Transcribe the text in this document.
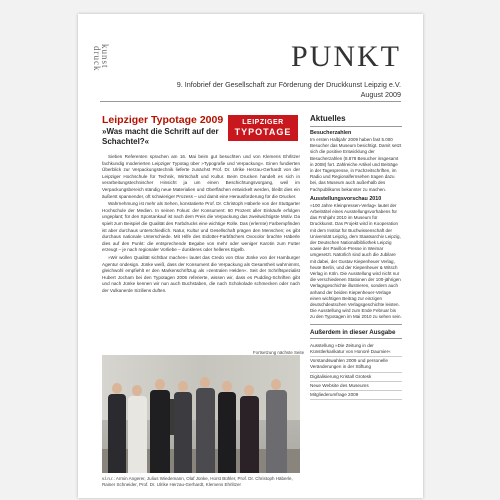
kunst
druck	PUNKT
9. Infobrief der Gesellschaft zur Förderung der Druckkunst Leipzig e.V.
August 2009
Leipziger Typotage 2009
»Was macht die Schrift auf der Schachtel?«
LEIPZIGER
TYPOTAGE

Sieben Referenten sprachen am 16. Mai beim gut besuchten und von Klemens Ehrlitzer fachkundig moderierten Leipziger Typotag über »Typografie und Verpackung«. Einen fundierten Überblick zur Verpackungstechnik lieferte zunächst Prof. Dr. Ulrike Herzau-Gerhardt von der Leipziger Hochschule für Technik, Wirtschaft und Kultur. Beim Drucken handelt es sich in verarbeitungstechnischer Hinsicht ja um einen Beschichtungsvorgang, weil im Verpackungsbereich ständig neue Materialien und Oberflächen entwickelt werden, bleibt dies ein äußerst spannender, oft schwieriger Prozess – und damit eine Herausforderung für die Drucker.

Wahrnehmung ist mehr als Sehen, konstatierte Prof. Dr. Christoph Häberle von der Stuttgarter Hochschule der Medien. In seinen Fokus: der Konsument: 60 Prozent aller Einkäufe erfolgen ungeplant; für den Spontankauf ist nach dem Preis die Verpackung das zweitwichtigste Motiv. Da spielt zum Beispiel die Qualität des Farbdrucks eine wichtige Rolle. Das (erlernte) Farbempfinden ist aber durchaus unterschiedlich. Natur, Kultur und Gesellschaft prägen den Menschen; es gibt durchaus nationale Unterschiede. Mit Hilfe des Eidotter-Farbfächers Ovocolor brachte Häberle dies auf den Punkt: die entsprechende Begabe von mehr oder weniger Karotin zum Futter erzeugt – je nach regionaler Vorliebe – dunkleres oder helleres Eigelb.

»Wir wollen Qualität sichtbar machen« lautet das Credo von Olav Jünke von der Hamburger Agentur ondesign. Jünke weiß, dass der Konsument die Verpackung als Gesamtheit wahrnimmt, gleichwohl empfiehlt er den Markenschriftzug als »zentralen Helden«. Seit der Schriftspezialist Hubert Jocham bei den Typotagen 2006 referierte, wissen wir, dass es Pudding-Schriften gibt und nach Jünke kennen wir nun auch Buchstaben, die nach Schokolade schmecken oder nach der Vulkanerde Siziliens duften.

Fortsetzung nächste Seite
v.l.n.r.: Armin Angerer, Julius Wiedemann, Olaf Jünke, Horst Bühler, Prof. Dr. Christoph Häberle, Rainer Schneider, Prof. Dr. Ulrike Herzau-Gerhardt, Klemens Ehrlitzer
Aktuelles
Besucherzahlen
Im ersten Halbjahr 2009 haben fast 5.000 Besucher das Museum besichtigt. Damit setzt sich die positive Entwicklung der Besucherzahlen (8.878 Besucher insgesamt in 2008) fort. Zahlreiche Artikel und Beiträge in der Tagespresse, in Fachzeitschriften, im Radio und Regionalfernsehen tragen dazu bei, das Museum auch außerhalb des Fachpublikums bekannter zu machen.
Ausstellungsvorschau 2010
»100 Jahre Kleinpressen-Verlag« lautet der Arbeitstitel eines Ausstellungsvorhabens für das Frühjahr 2010 im Museum für Druckkunst. Das Projekt wird in Kooperation mit dem Institut für Buchwissenschaft der Universität Leipzig, dem Staatsarchiv Leipzig, der Deutschen Nationalbibliothek Leipzig sowie der Pavillon-Presse in Weimar umgesetzt. Natürlich sind auch die Jubilare mit dabei, der Gustav Kiepenheuer Verlag, heute Berlin, und der Kiepenheuer & Witsch Verlag in Köln. Die Ausstellung wird nicht nur die verschiedenen Stationen der 100-jährigen Verlagsgeschichte illustrieren, sondern auch anhand der beiden Kiepenheuer-Verlage einen wichtigen Beitrag zur einzigen deutschdeutschen Verlagsgeschichte leisten. Die Ausstellung wird zum Ende Februar bis zu den Typotagen im Mai 2010 zu sehen sein.
Außerdem in dieser Ausgabe
Ausstellung »Die Zeitung in der Künstlerkarikatur von Honoré Daumier«
Vorstandswahlen 2009 und personelle Veränderungen in der Stiftung
Digitalisierung Kristall Grotesk
Neue Website des Museums
Mitgliederumfrage 2009
